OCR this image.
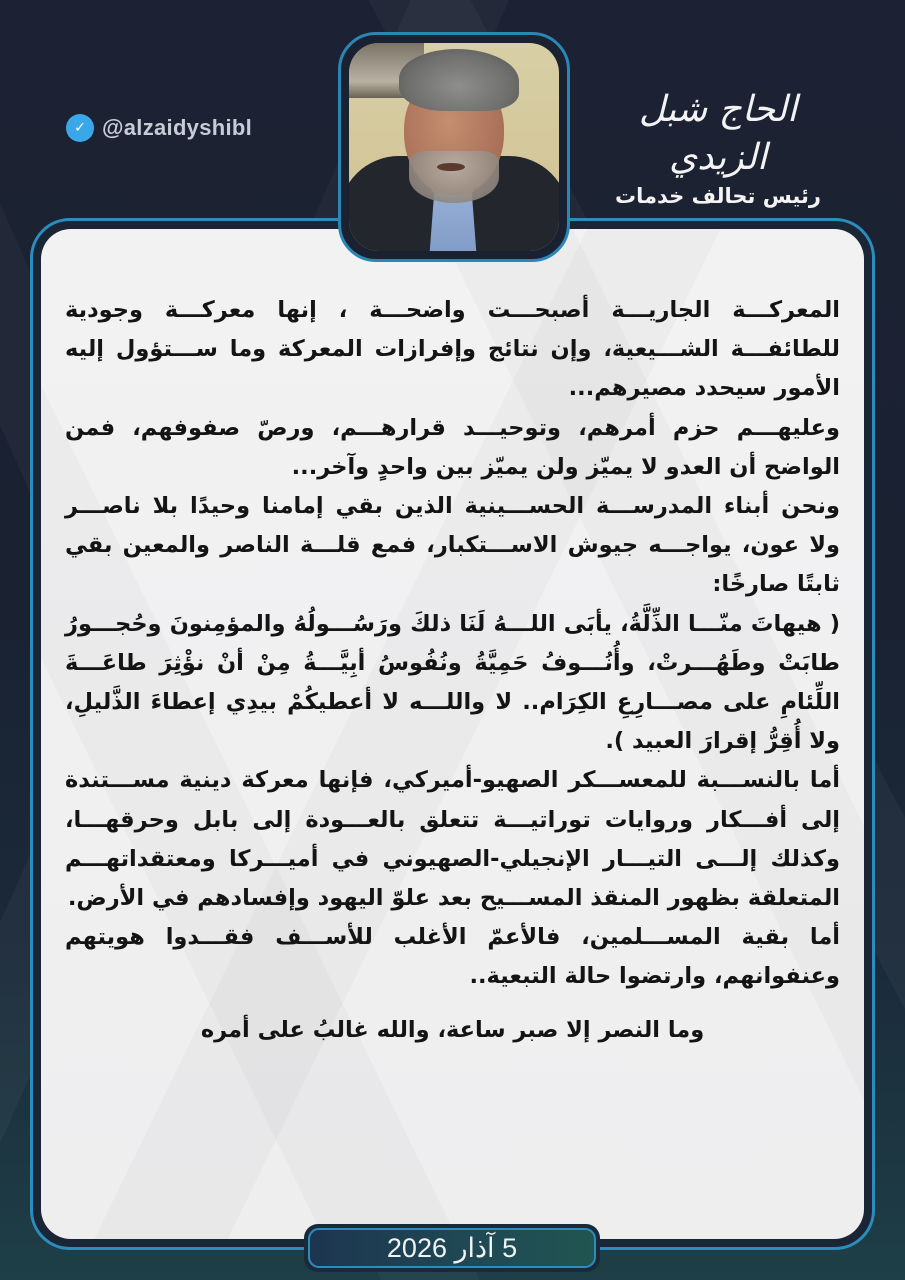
✓ @alzaidyshibl	الحاج شبل الزيدي
رئيس تحالف خدمات

المعركـــة الجاريـــة أصبحـــت واضحـــة ، إنها معركـــة وجودية للطائفـــة الشـــيعية، وإن نتائج وإفرازات المعركة وما ســـتؤول إليه الأمور سيحدد مصيرهم...

وعليهـــم حزم أمرهم، وتوحيـــد قرارهـــم، ورصّ صفوفهم، فمن الواضح أن العدو لا يميّز ولن يميّز بين واحدٍ وآخر...

ونحن أبناء المدرســـة الحســـينية الذين بقي إمامنا وحيدًا بلا ناصـــر ولا عون، يواجـــه جيوش الاســـتكبار، فمع قلـــة الناصر والمعين بقي ثابتًا صارخًا:

( هيهاتَ منّـــا الذِّلَّةُ، يأبَى اللـــهُ لَنَا ذلكَ ورَسُـــولُهُ والمؤمِنونَ وحُجـــورُ طابَتْ وطَهُـــرتْ، وأُنُـــوفُ حَمِيَّةُ ونُفُوسُ أبِيَّـــةُ مِنْ أنْ نؤْثِرَ طاعَـــةَ اللِّئامِ على مصـــارِعِ الكِرَام.. لا واللـــه لا أعطيكُمْ بيدِي إعطاءَ الذَّليلِ، ولا أُقِرُّ إقرارَ العبيد ).

أما بالنســـبة للمعســـكر الصهيو-أميركي، فإنها معركة دينية مســـتندة إلى أفـــكار وروايات توراتيـــة تتعلق بالعـــودة إلى بابل وحرقهـــا، وكذلك إلـــى التيـــار الإنجيلي-الصهيوني في أميـــركا ومعتقداتهـــم المتعلقة بظهور المنقذ المســـيح بعد علوّ اليهود وإفسادهم في الأرض.

أما بقية المســـلمين، فالأعمّ الأغلب للأســـف فقـــدوا هويتهم وعنفوانهم، وارتضوا حالة التبعية..

وما النصر إلا صبر ساعة، والله غالبُ على أمره

5 آذار 2026
